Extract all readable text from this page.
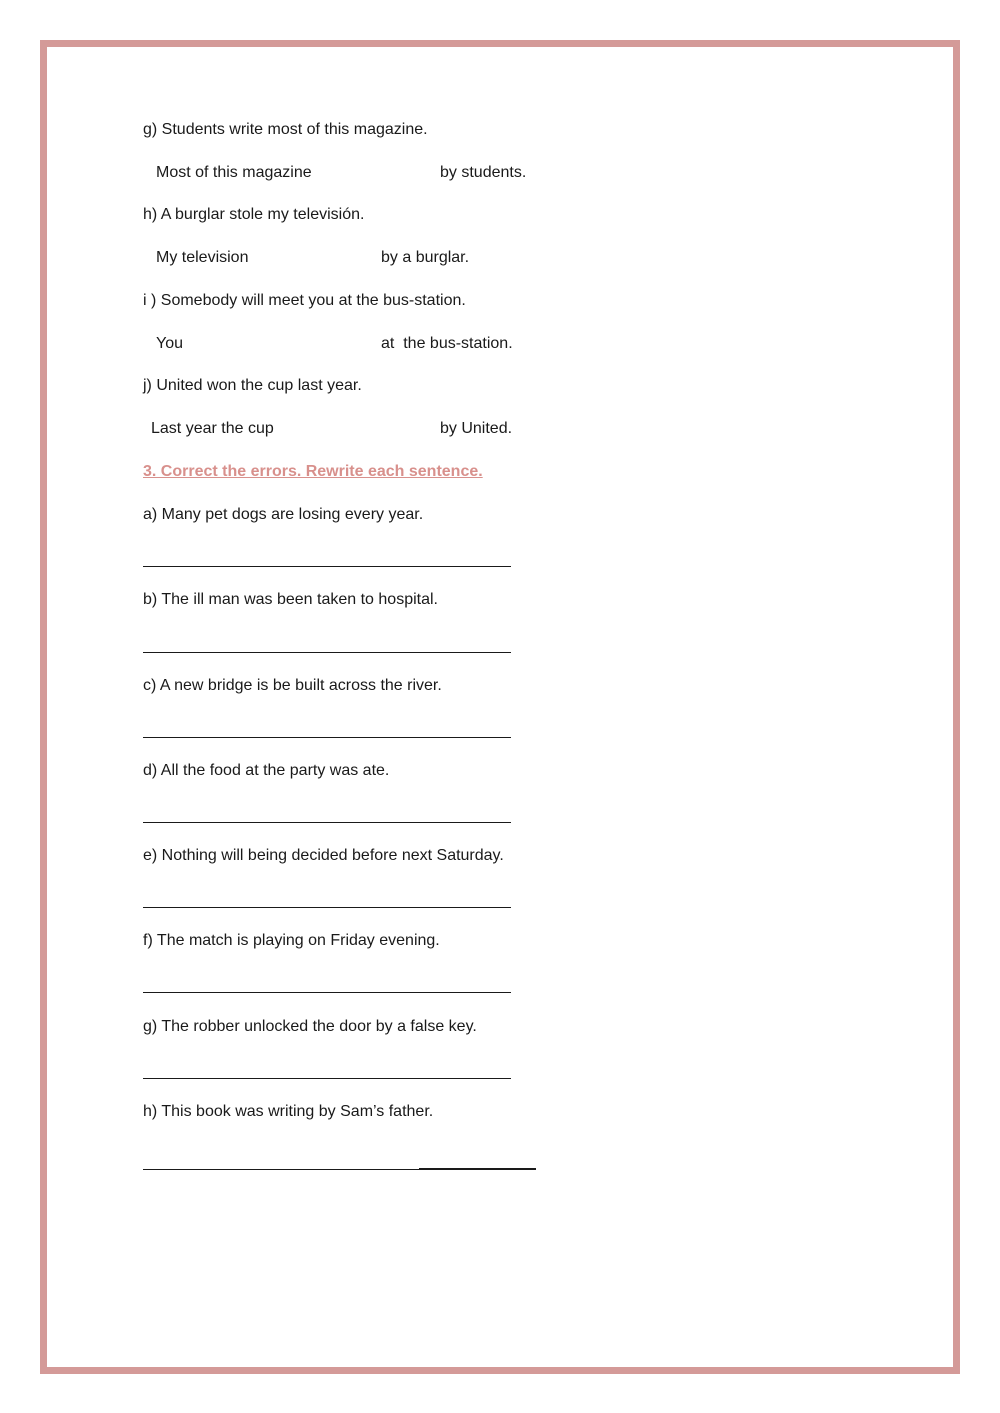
g) Students write most of this magazine.
Most of this magazine	by students.
h) A burglar stole my televisión.
My television	by a burglar.
i ) Somebody will meet you at the bus-station.
You	at  the bus-station.
j) United won the cup last year.
Last year the cup	by United.
3. Correct the errors. Rewrite each sentence.
a) Many pet dogs are losing every year.
b) The ill man was been taken to hospital.
c) A new bridge is be built across the river.
d) All the food at the party was ate.
e) Nothing will being decided before next Saturday.
f) The match is playing on Friday evening.
g) The robber unlocked the door by a false key.
h) This book was writing by Sam’s father.
